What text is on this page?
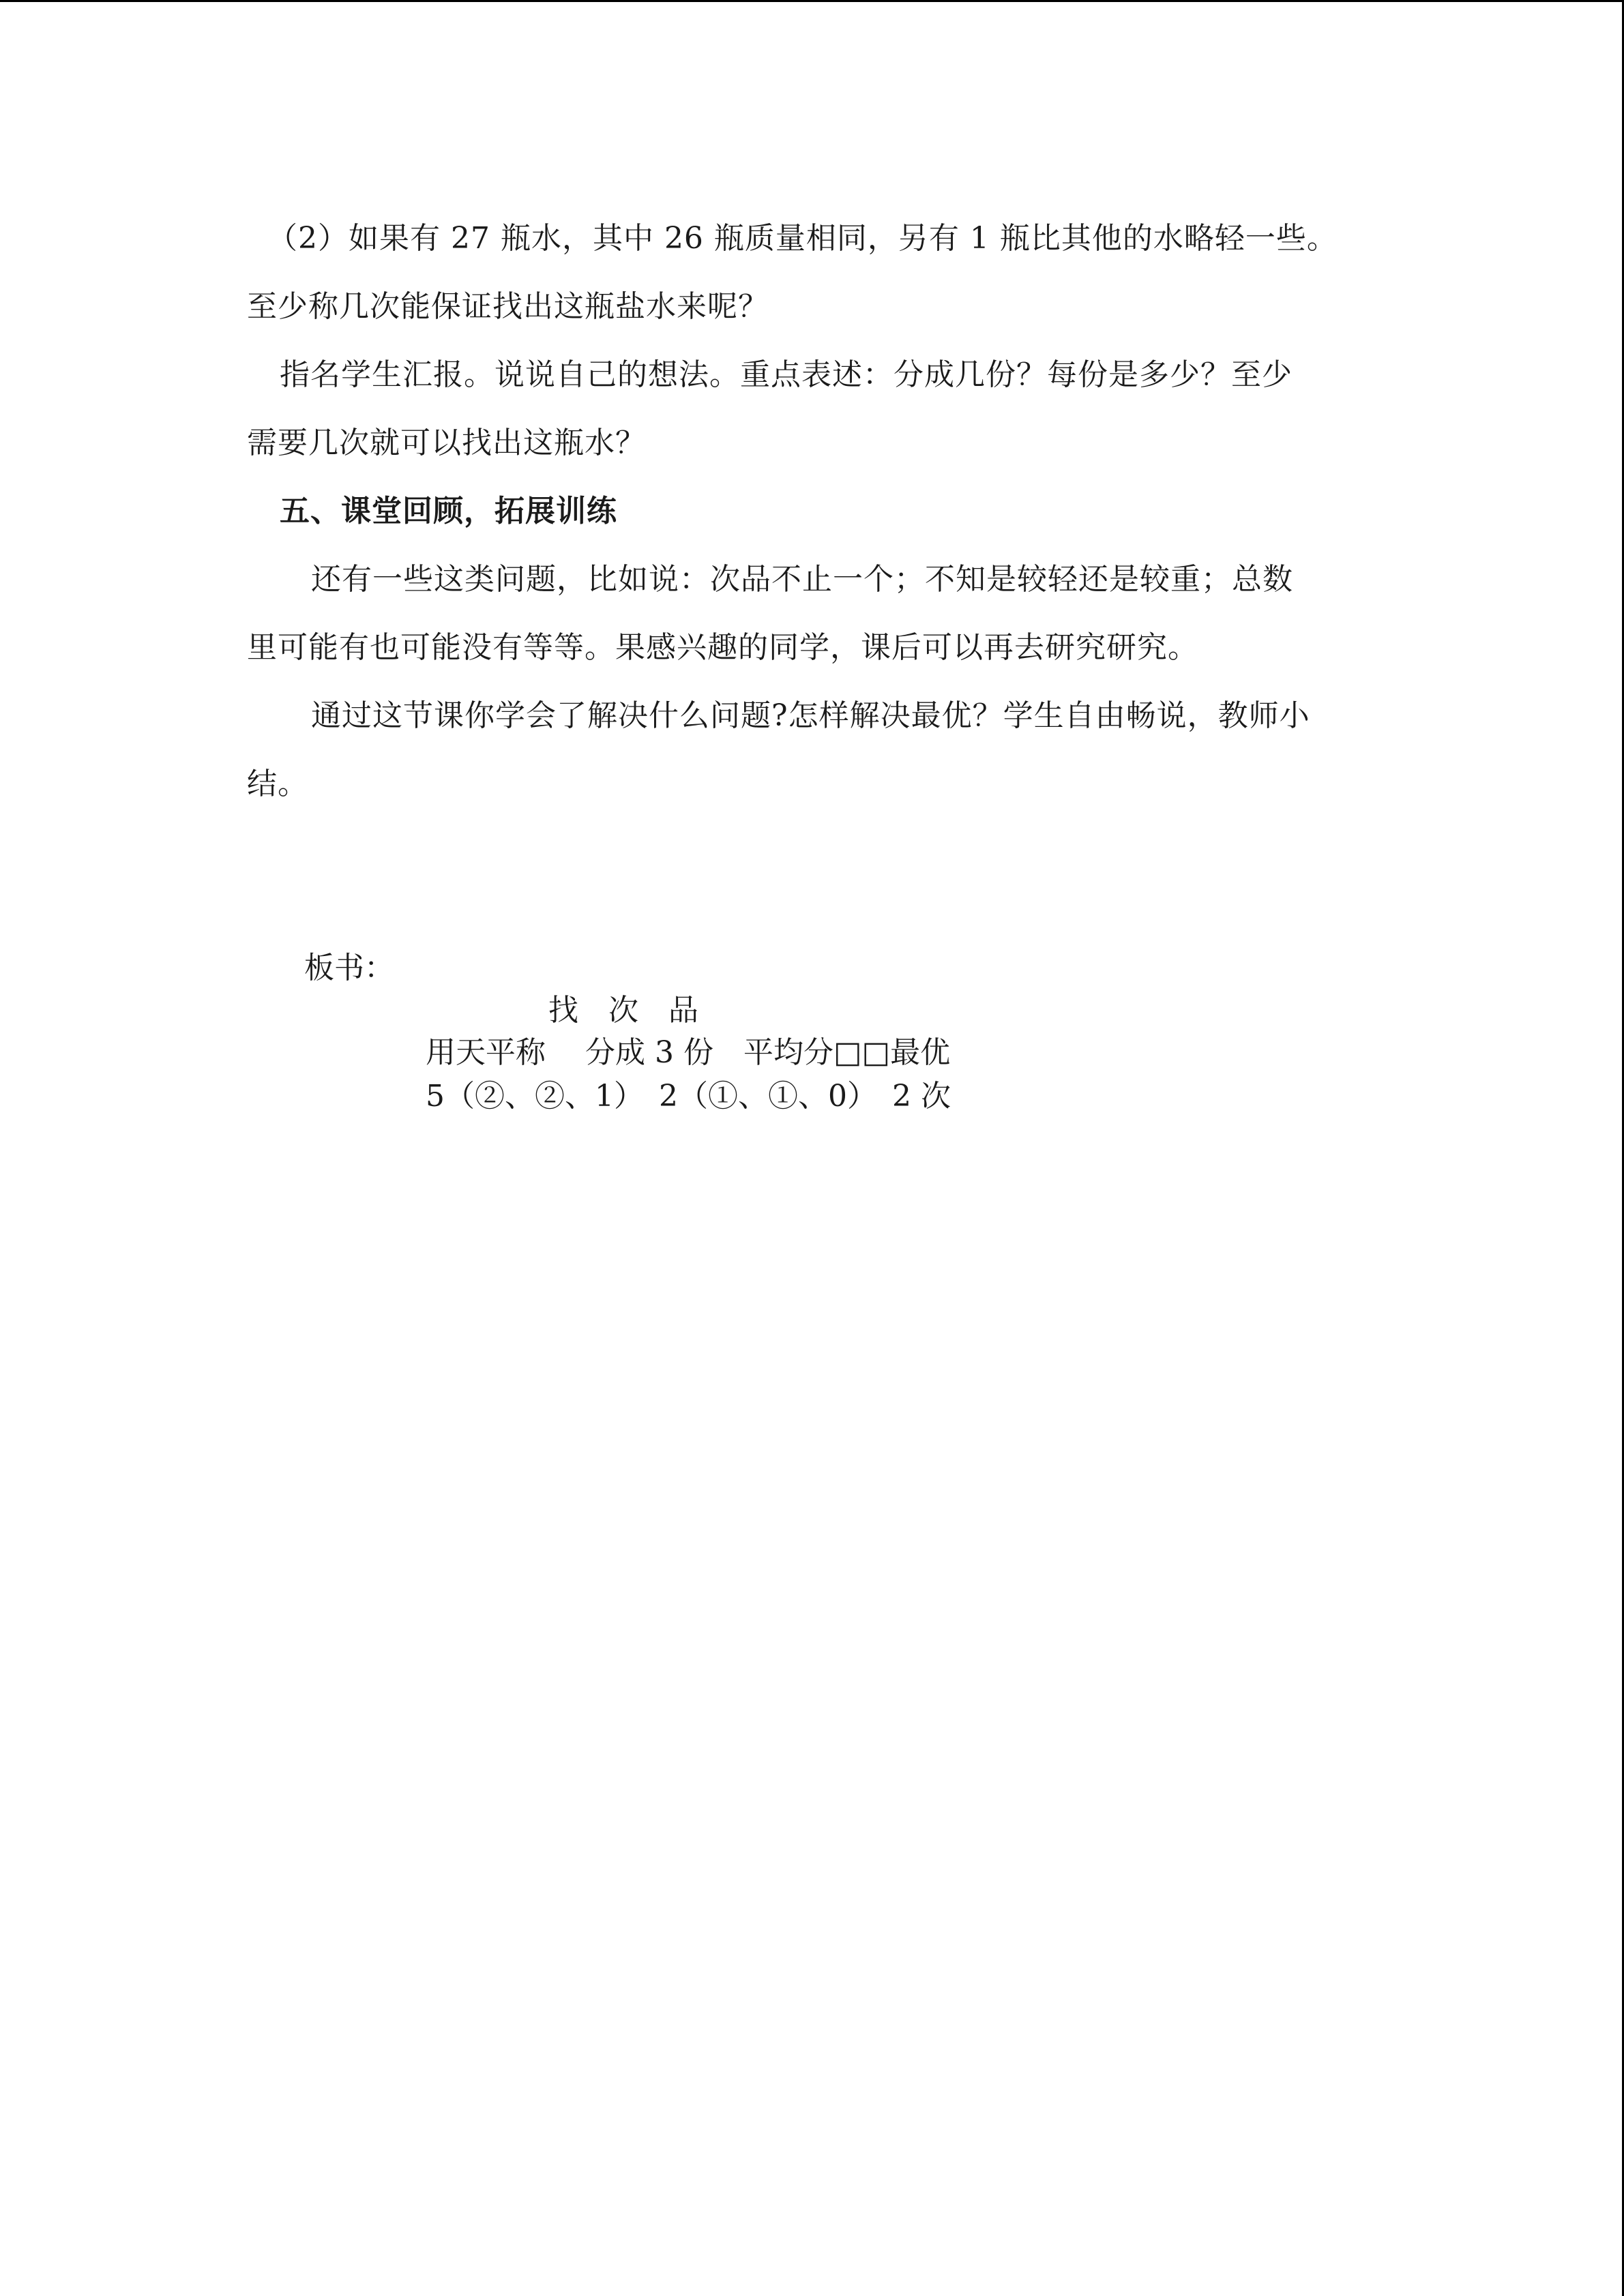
（2）如果有 27 瓶水，其中 26 瓶质量相同，另有 1 瓶比其他的水略轻一些。
至少称几次能保证找出这瓶盐水来呢？
指名学生汇报。说说自己的想法。重点表述：分成几份？每份是多少？至少
需要几次就可以找出这瓶水？
五、课堂回顾，拓展训练
还有一些这类问题，比如说：次品不止一个；不知是较轻还是较重；总数
里可能有也可能没有等等。果感兴趣的同学，课后可以再去研究研究。
通过这节课你学会了解决什么问题?怎样解决最优？学生自由畅说，教师小
结。
板书：
找　次　品
用天平称　 分成 3 份　平均分□□最优
5（②、②、1）　2（①、①、0）　2 次
